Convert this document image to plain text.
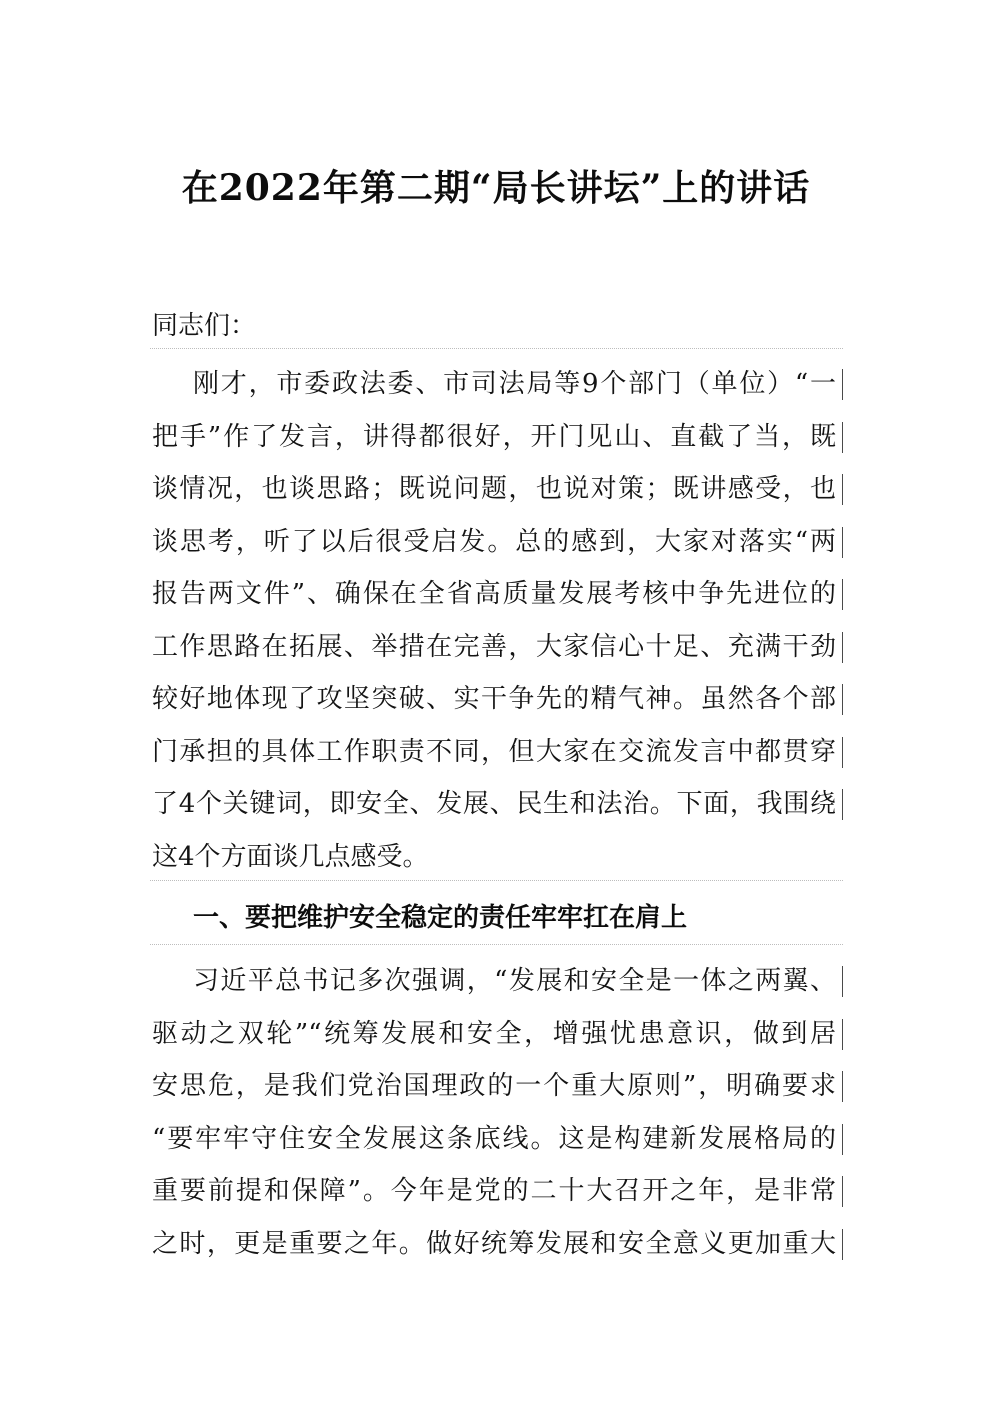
在2022年第二期“局长讲坛”上的讲话
同志们：
刚才，市委政法委、市司法局等9个部门（单位）“一
把手”作了发言，讲得都很好，开门见山、直截了当，既
谈情况，也谈思路；既说问题，也说对策；既讲感受，也
谈思考，听了以后很受启发。总的感到，大家对落实“两
报告两文件”、确保在全省高质量发展考核中争先进位的
工作思路在拓展、举措在完善，大家信心十足、充满干劲
较好地体现了攻坚突破、实干争先的精气神。虽然各个部
门承担的具体工作职责不同，但大家在交流发言中都贯穿
了4个关键词，即安全、发展、民生和法治。下面，我围绕
这4个方面谈几点感受。
一、要把维护安全稳定的责任牢牢扛在肩上
习近平总书记多次强调，“发展和安全是一体之两翼、
驱动之双轮”“统筹发展和安全，增强忧患意识，做到居
安思危，是我们党治国理政的一个重大原则”，明确要求
“要牢牢守住安全发展这条底线。这是构建新发展格局的
重要前提和保障”。今年是党的二十大召开之年，是非常
之时，更是重要之年。做好统筹发展和安全意义更加重大
